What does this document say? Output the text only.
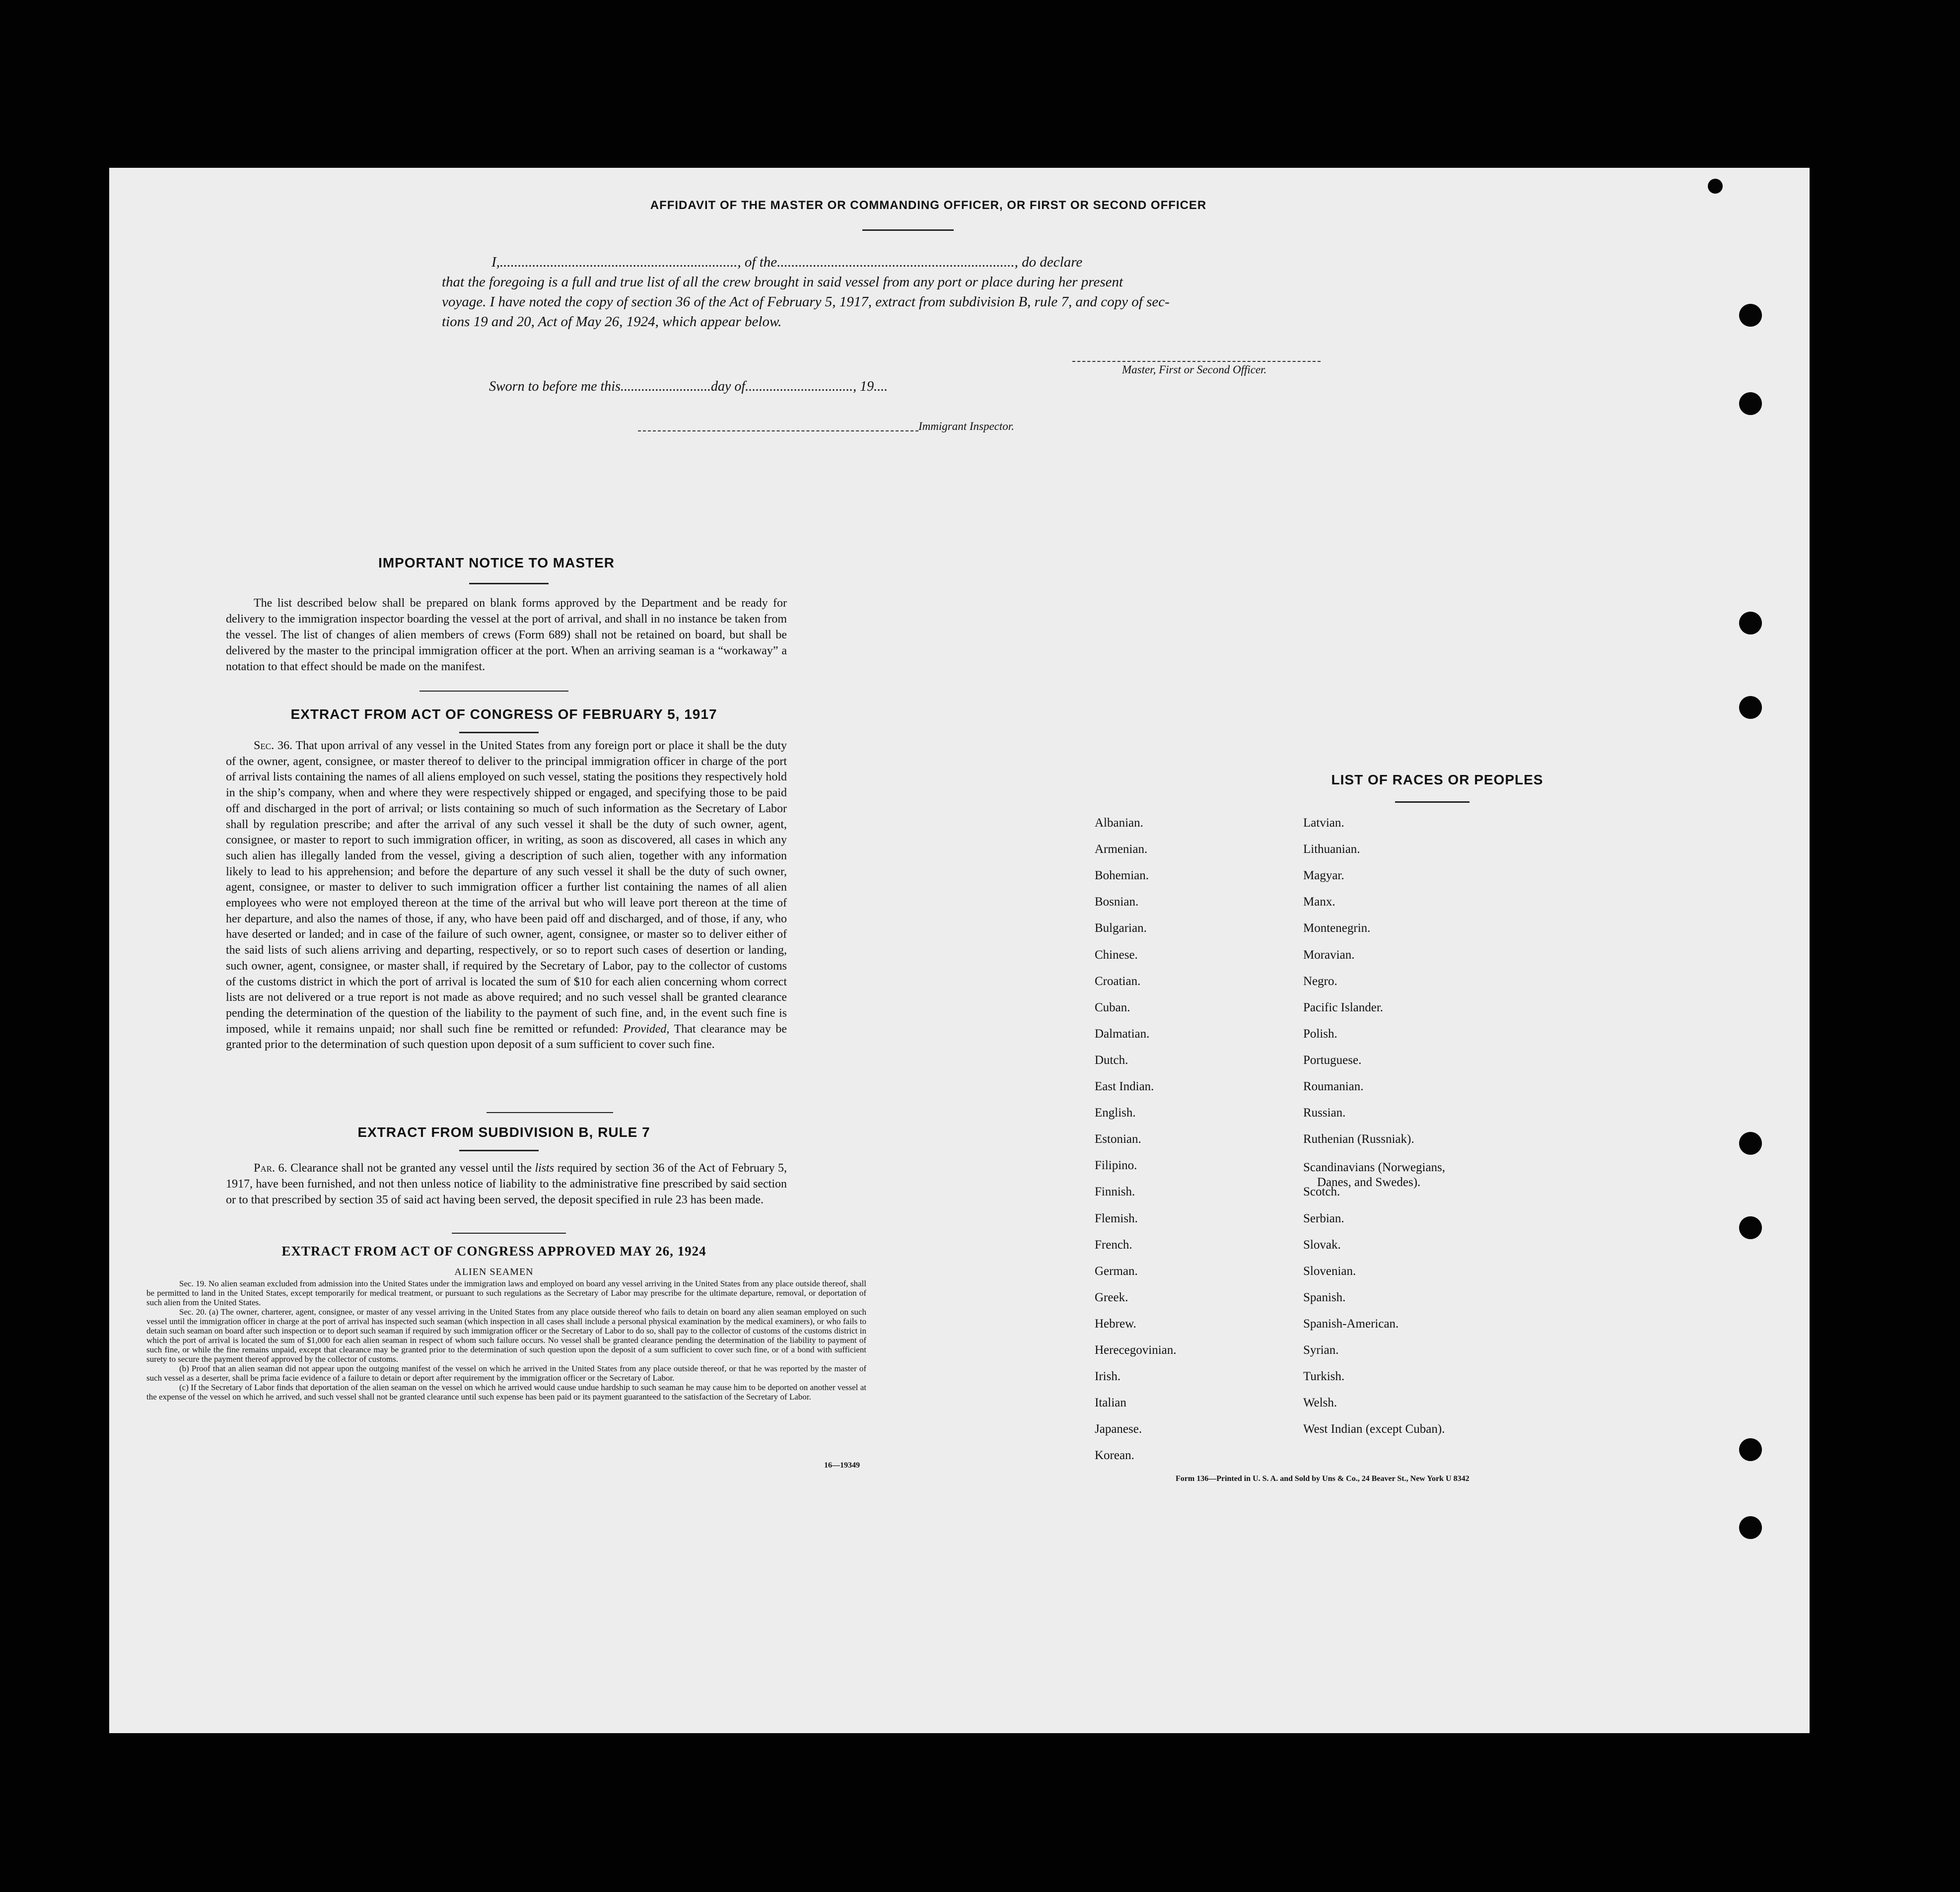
AFFIDAVIT OF THE MASTER OR COMMANDING OFFICER, OR FIRST OR SECOND OFFICER
I,.................................................................., of the.................................................................., do declare
that the foregoing is a full and true list of all the crew brought in said vessel from any port or place during her present
voyage. I have noted the copy of section 36 of the Act of February 5, 1917, extract from subdivision B, rule 7, and copy of sec-
tions 19 and 20, Act of May 26, 1924, which appear below.
Master, First or Second Officer.
Sworn to before me this..........................day of..............................., 19....
Immigrant Inspector.
IMPORTANT NOTICE TO MASTER
The list described below shall be prepared on blank forms approved by the Department and be ready for delivery to the immigration inspector boarding the vessel at the port of arrival, and shall in no instance be taken from the vessel. The list of changes of alien members of crews (Form 689) shall not be retained on board, but shall be delivered by the master to the principal immigration officer at the port. When an arriving seaman is a “workaway” a notation to that effect should be made on the manifest.
EXTRACT FROM ACT OF CONGRESS OF FEBRUARY 5, 1917
Sec. 36. That upon arrival of any vessel in the United States from any foreign port or place it shall be the duty of the owner, agent, consignee, or master thereof to deliver to the principal immigration officer in charge of the port of arrival lists containing the names of all aliens employed on such vessel, stating the positions they respectively hold in the ship’s company, when and where they were respectively shipped or engaged, and specifying those to be paid off and discharged in the port of arrival; or lists containing so much of such information as the Secretary of Labor shall by regulation prescribe; and after the arrival of any such vessel it shall be the duty of such owner, agent, consignee, or master to report to such immigration officer, in writing, as soon as discovered, all cases in which any such alien has illegally landed from the vessel, giving a description of such alien, together with any information likely to lead to his apprehension; and before the departure of any such vessel it shall be the duty of such owner, agent, consignee, or master to deliver to such immigration officer a further list containing the names of all alien employees who were not employed thereon at the time of the arrival but who will leave port thereon at the time of her departure, and also the names of those, if any, who have been paid off and discharged, and of those, if any, who have deserted or landed; and in case of the failure of such owner, agent, consignee, or master so to deliver either of the said lists of such aliens arriving and departing, respectively, or so to report such cases of desertion or landing, such owner, agent, consignee, or master shall, if required by the Secretary of Labor, pay to the collector of customs of the customs district in which the port of arrival is located the sum of $10 for each alien concerning whom correct lists are not delivered or a true report is not made as above required; and no such vessel shall be granted clearance pending the determination of the question of the liability to the payment of such fine, and, in the event such fine is imposed, while it remains unpaid; nor shall such fine be remitted or refunded: Provided, That clearance may be granted prior to the determination of such question upon deposit of a sum sufficient to cover such fine.
EXTRACT FROM SUBDIVISION B, RULE 7
Par. 6. Clearance shall not be granted any vessel until the lists required by section 36 of the Act of February 5, 1917, have been furnished, and not then unless notice of liability to the administrative fine prescribed by said section or to that prescribed by section 35 of said act having been served, the deposit specified in rule 23 has been made.
EXTRACT FROM ACT OF CONGRESS APPROVED MAY 26, 1924
ALIEN SEAMEN
Sec. 19. No alien seaman excluded from admission into the United States under the immigration laws and employed on board any vessel arriving in the United States from any place outside thereof, shall be permitted to land in the United States, except temporarily for medical treatment, or pursuant to such regulations as the Secretary of Labor may prescribe for the ultimate departure, removal, or deportation of such alien from the United States.
Sec. 20. (a) The owner, charterer, agent, consignee, or master of any vessel arriving in the United States from any place outside thereof who fails to detain on board any alien seaman employed on such vessel until the immigration officer in charge at the port of arrival has inspected such seaman (which inspection in all cases shall include a personal physical examination by the medical examiners), or who fails to detain such seaman on board after such inspection or to deport such seaman if required by such immigration officer or the Secretary of Labor to do so, shall pay to the collector of customs of the customs district in which the port of arrival is located the sum of $1,000 for each alien seaman in respect of whom such failure occurs. No vessel shall be granted clearance pending the determination of the liability to payment of such fine, or while the fine remains unpaid, except that clearance may be granted prior to the determination of such question upon the deposit of a sum sufficient to cover such fine, or of a bond with sufficient surety to secure the payment thereof approved by the collector of customs.
(b) Proof that an alien seaman did not appear upon the outgoing manifest of the vessel on which he arrived in the United States from any place outside thereof, or that he was reported by the master of such vessel as a deserter, shall be prima facie evidence of a failure to detain or deport after requirement by the immigration officer or the Secretary of Labor.
(c) If the Secretary of Labor finds that deportation of the alien seaman on the vessel on which he arrived would cause undue hardship to such seaman he may cause him to be deported on another vessel at the expense of the vessel on which he arrived, and such vessel shall not be granted clearance until such expense has been paid or its payment guaranteed to the satisfaction of the Secretary of Labor.
16—19349
LIST OF RACES OR PEOPLES
Albanian.
Armenian.
Bohemian.
Bosnian.
Bulgarian.
Chinese.
Croatian.
Cuban.
Dalmatian.
Dutch.
East Indian.
English.
Estonian.
Filipino.
Finnish.
Flemish.
French.
German.
Greek.
Hebrew.
Herecegovinian.
Irish.
Italian
Japanese.
Korean.
Latvian.
Lithuanian.
Magyar.
Manx.
Montenegrin.
Moravian.
Negro.
Pacific Islander.
Polish.
Portuguese.
Roumanian.
Russian.
Ruthenian (Russniak).
Scandinavians (Norwegians,
Danes, and Swedes).
Scotch.
Serbian.
Slovak.
Slovenian.
Spanish.
Spanish-American.
Syrian.
Turkish.
Welsh.
West Indian (except Cuban).
Form 136—Printed in U. S. A. and Sold by Uns & Co., 24 Beaver St., New York U 8342
